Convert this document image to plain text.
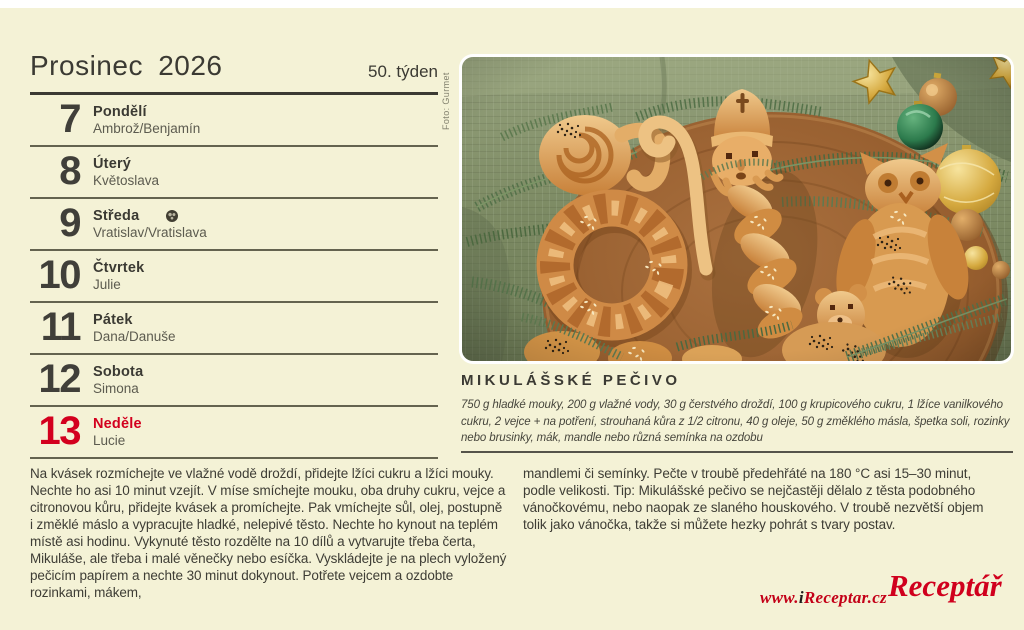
Prosinec 2026	50. týden
7 Pondělí
Ambrož/Benjamín
8 Úterý
Květoslava
9 Středa
Vratislav/Vratislava
10 Čtvrtek
Julie
11 Pátek
Dana/Danuše
12 Sobota
Simona
13 Neděle
Lucie
Foto: Gurmet
MIKULÁŠSKÉ PEČIVO
750 g hladké mouky, 200 g vlažné vody, 30 g čerstvého droždí, 100 g krupicového cukru, 1 lžíce vanilkového cukru, 2 vejce + na potření, strouhaná kůra z 1/2 citronu, 40 g oleje, 50 g změklého másla, špetka soli, rozinky nebo brusinky, mák, mandle nebo různá semínka na ozdobu
Na kvásek rozmíchejte ve vlažné vodě droždí, přidejte lžíci cukru a lžíci mouky. Nechte ho asi 10 minut vzejít. V míse smíchejte mouku, oba druhy cukru, vejce a citronovou kůru, přidejte kvásek a promíchejte. Pak vmíchejte sůl, olej, postupně i změklé máslo a vypracujte hladké, nelepivé těsto. Nechte ho kynout na teplém místě asi hodinu. Vykynuté těsto rozdělte na 10 dílů a vytvarujte třeba čerta, Mikuláše, ale třeba i malé věnečky nebo esíčka. Vyskládejte je na plech vyložený pečicím papírem a nechte 30 minut dokynout. Potřete vejcem a ozdobte rozinkami, mákem,
mandlemi či semínky. Pečte v troubě předehřáté na 180 °C asi 15–30 minut, podle velikosti. Tip: Mikulášské pečivo se nejčastěji dělalo z těsta podobného vánočkovému, nebo naopak ze slaného houskového. V troubě nezvětší objem tolik jako vánočka, takže si můžete hezky pohrát s tvary postav.
www.iReceptar.cz Receptář
